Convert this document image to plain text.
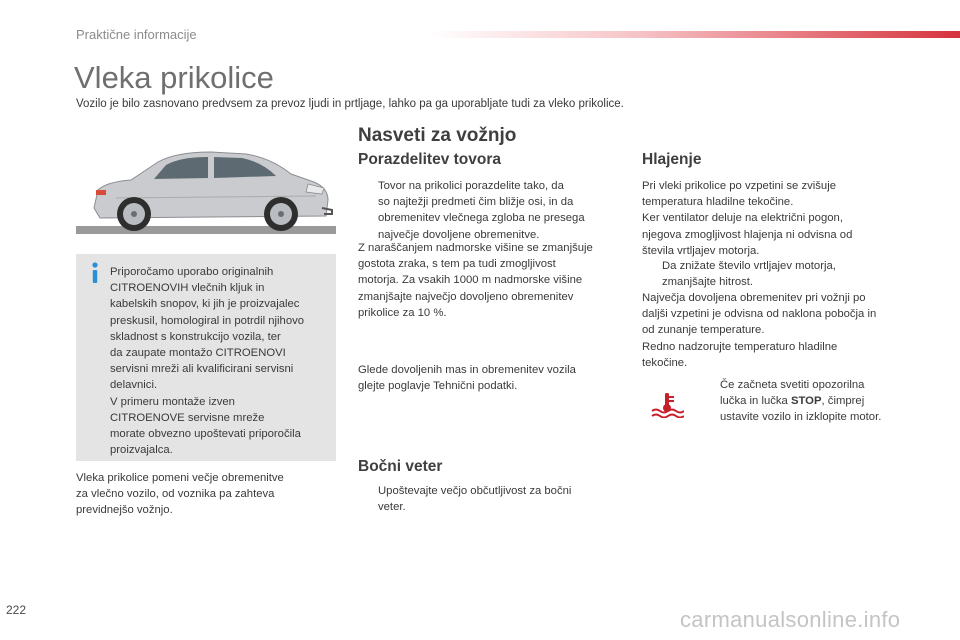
Praktične informacije
Vleka prikolice
Vozilo je bilo zasnovano predvsem za prevoz ljudi in prtljage, lahko pa ga uporabljate tudi za vleko prikolice.
Priporočamo uporabo originalnih
CITROENOVIH vlečnih kljuk in
kabelskih snopov, ki jih je proizvajalec
preskusil, homologiral in potrdil njihovo
skladnost s konstrukcijo vozila, ter
da zaupate montažo CITROENOVI
servisni mreži ali kvalificirani servisni
delavnici.
V primeru montaže izven
CITROENOVE servisne mreže
morate obvezno upoštevati priporočila
proizvajalca.
Vleka prikolice pomeni večje obremenitve
za vlečno vozilo, od voznika pa zahteva
previdnejšo vožnjo.
Nasveti za vožnjo
Porazdelitev tovora
Tovor na prikolici porazdelite tako, da
so najtežji predmeti čim bližje osi, in da
obremenitev vlečnega zgloba ne presega
največje dovoljene obremenitve.
Z naraščanjem nadmorske višine se zmanjšuje
gostota zraka, s tem pa tudi zmogljivost
motorja. Za vsakih 1000 m nadmorske višine
zmanjšajte največjo dovoljeno obremenitev
prikolice za 10 %.
Glede dovoljenih mas in obremenitev vozila
glejte poglavje Tehnični podatki.
Bočni veter
Upoštevajte večjo občutljivost za bočni
veter.
Hlajenje
Pri vleki prikolice po vzpetini se zvišuje
temperatura hladilne tekočine.
Ker ventilator deluje na električni pogon,
njegova zmogljivost hlajenja ni odvisna od
števila vrtljajev motorja.
Da znižate število vrtljajev motorja,
zmanjšajte hitrost.
Največja dovoljena obremenitev pri vožnji po
daljši vzpetini je odvisna od naklona pobočja in
od zunanje temperature.
Redno nadzorujte temperaturo hladilne
tekočine.
Če začneta svetiti opozorilna
lučka in lučka STOP, čimprej
ustavite vozilo in izklopite motor.
222	carmanualsonline.info
